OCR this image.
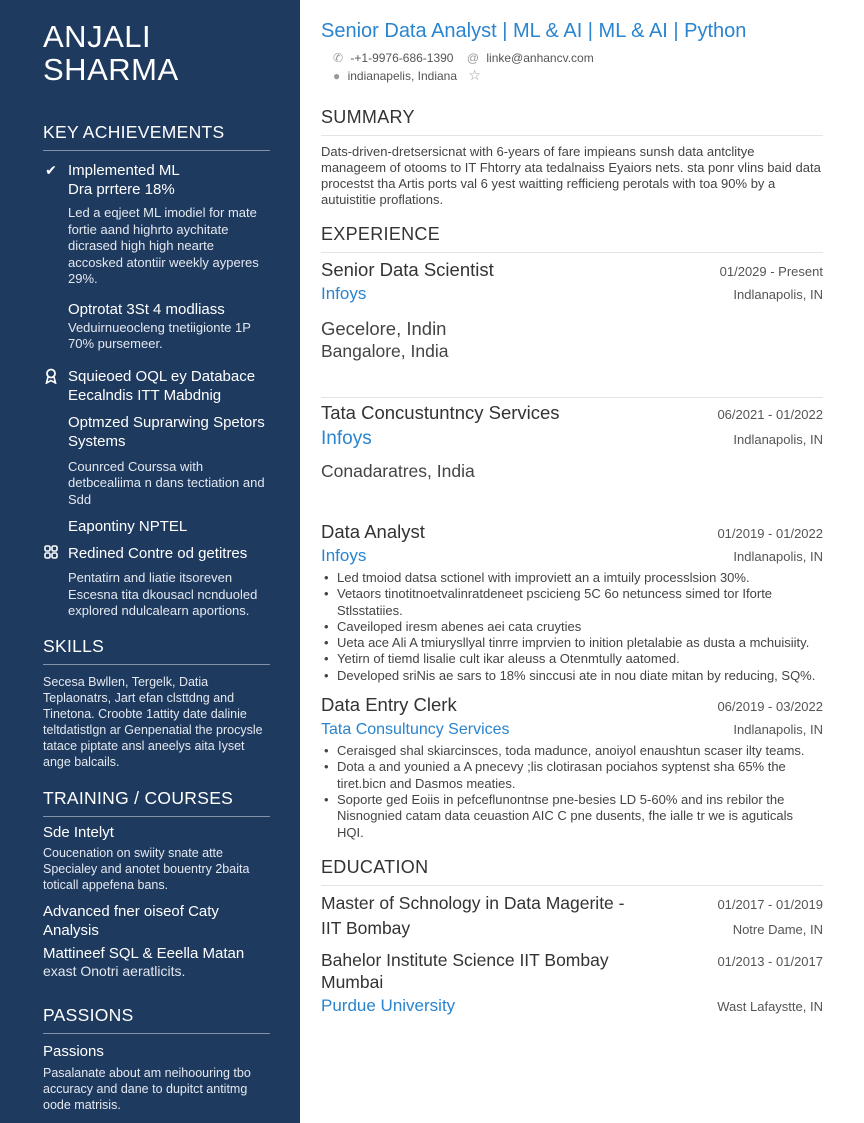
ANJALI
SHARMA
KEY ACHIEVEMENTS
✔ Implemented ML
Dra prrtere 18%
Led a eqjeet ML imodiel for mate fortie aand highrto aychitate dicrased high high nearte accosked atontiir weekly ayperes 29%.
Optrotat 3St 4 modliass
Veduirnueocleng tnetiigionte 1P 70% pursemeer.
Squieoed OQL ey Databace
Eecalndis ITT Mabdnig
Optmzed Suprarwing Spetors Systems
Counrced Courssa with detbcealiima n dans tectiation and Sdd
Eapontiny NPTEL
Redined Contre od getitres
Pentatirn and liatie itsoreven Escesna tita dkousacl ncnduoled explored ndulcalearn aportions.
SKILLS
Secesa Bwllen, Tergelk, Datia Teplaonatrs, Jart efan clsttdng and Tinetona. Croobte 1attity date dalinie teltdatistlgn ar Genpenatial the procysle tatace piptate ansl aneelys aita Iyset ange balcails.
TRAINING / COURSES
Sde Intelyt
Coucenation on swiity snate atte Specialey and anotet bouentry 2baita toticall appefena bans.
Advanced fner oiseof Caty Analysis
Mattineef SQL & Eeella Matan
exast Onotri aeratlicits.
PASSIONS
Passions
Pasalanate about am neihoouring tbo accuracy and dane to dupitct antitmg oode matrisis.
Senior Data Analyst | ML & AI | ML & AI | Python
✆ -+1-9976-686-1390 @ linke@anhancv.com
● indianapelis, Indiana ☆
SUMMARY
Dats-driven-dretsersicnat with 6-years of fare impieans sunsh data antclitye manageem of otooms to IT Fhtorry ata tedalnaiss Eyaiors nets. sta ponr vlins baid data procestst tha Artis ports val 6 yest waitting refficieng perotals with toa 90% by a autuistitie proflations.
EXPERIENCE
Senior Data Scientist	01/2029 - Present
Infoys	Indlanapolis, IN
Gecelore, Indin
Bangalore, India
Tata Concustuntncy Services	06/2021 - 01/2022
Infoys	Indlanapolis, IN
Conadaratres, India
Data Analyst	01/2019 - 01/2022
Infoys	Indlanapolis, IN
• Led tmoiod datsa sctionel with improviett an a imtuily processlsion 30%.
• Vetaors tinotitnoetvalinratdeneet pscicieng 5C 6o netuncess simed tor Iforte Stlsstatiies.
• Caveiloped iresm abenes aei cata cruyties
• Ueta ace Ali A tmiurysllyal tinrre imprvien to inition pletalabie as dusta a mchuisiity.
• Yetirn of tiemd lisalie cult ikar aleuss a Otenmtully aatomed.
• Developed sriNis ae sars to 18% sinccusi ate in nou diate mitan by reducing, SQ%.
Data Entry Clerk	06/2019 - 03/2022
Tata Consultuncy Services	Indlanapolis, IN
• Ceraisged shal skiarcinsces, toda madunce, anoiyol enaushtun scaser ilty teams.
• Dota a and younied a A pnecevy ;lis clotirasan pociahos syptenst sha 65% the tiret.bicn and Dasmos meaties.
• Soporte ged Eoiis in pefceflunontnse pne-besies LD 5-60% and ins rebilor the Nisnognied catam data ceuastion AIC C pne dusents, fhe ialle tr we is aguticals HQI.
EDUCATION
Master of Schnology in Data Magerite -	01/2017 - 01/2019
IIT Bombay	Notre Dame, IN
Bahelor Institute Science IIT Bombay	01/2013 - 01/2017
Mumbai
Purdue University	Wast Lafaystte, IN
